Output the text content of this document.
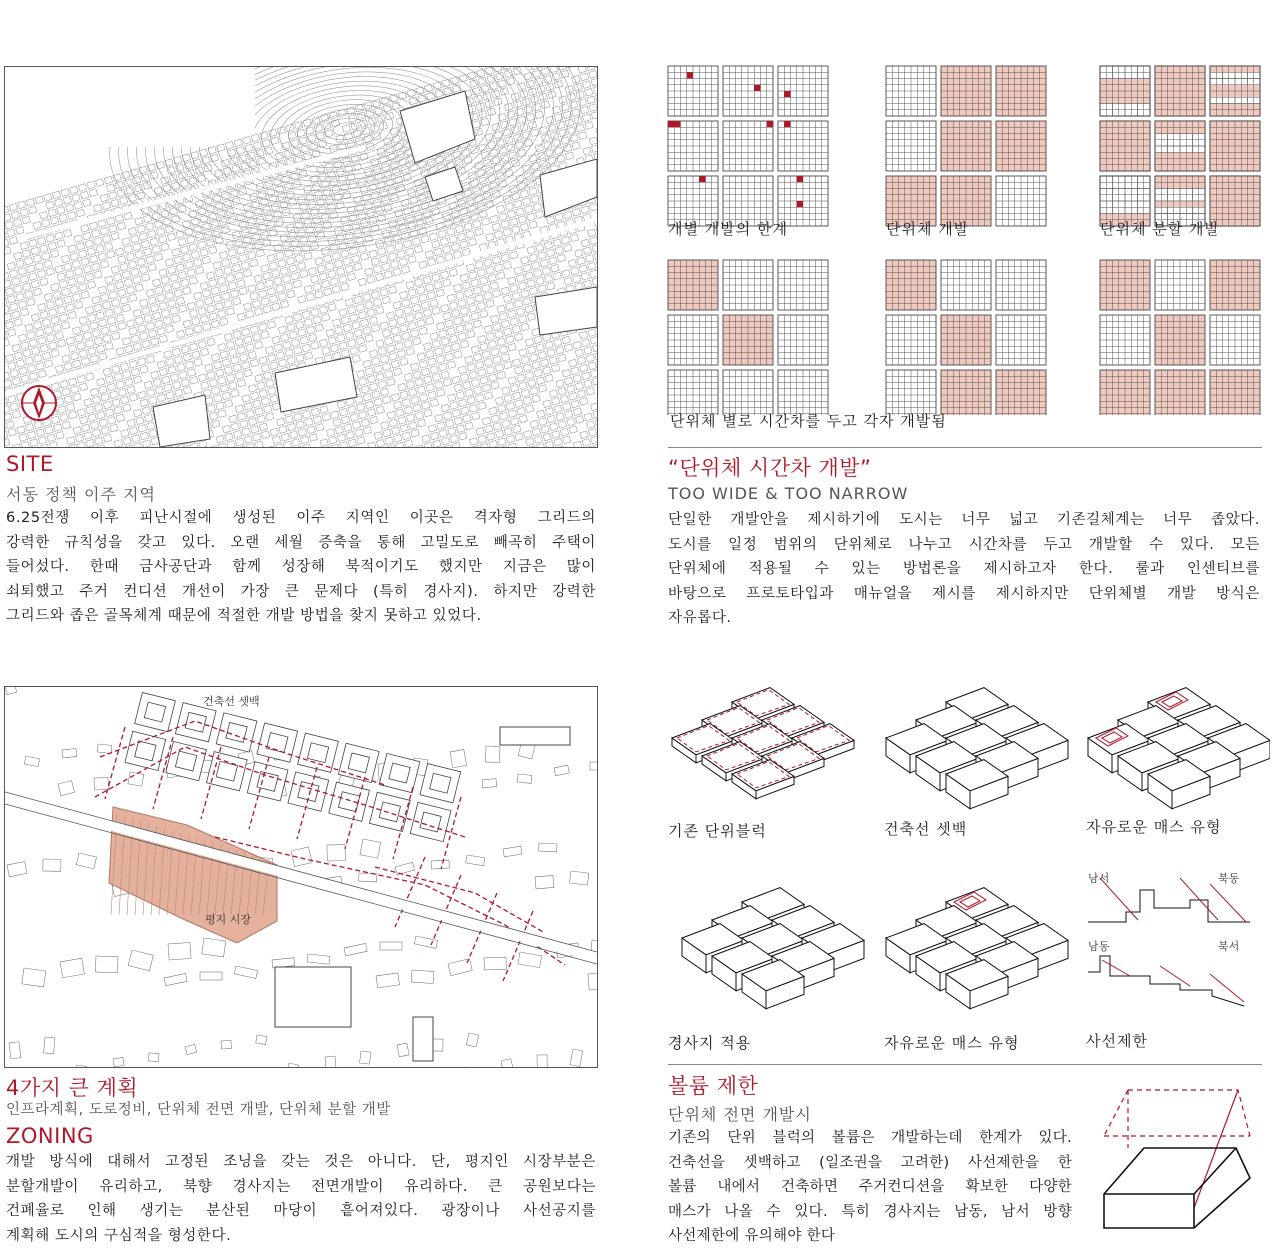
SITE
서동 정책 이주 지역
6.25전쟁 이후 피난시절에 생성된 이주 지역인 이곳은 격자형 그리드의
강력한 규칙성을 갖고 있다. 오랜 세월 증축을 통해 고밀도로 빼곡히 주택이
들어섰다. 한때 금사공단과 함께 성장해 북적이기도 했지만 지금은 많이
쇠퇴했고 주거 컨디션 개선이 가장 큰 문제다 (특히 경사지). 하지만 강력한
그리드와 좁은 골목체계 때문에 적절한 개발 방법을 찾지 못하고 있었다.
개별 개발의 한계	단위체 개발	단위체 분할 개발
단위체 별로 시간차를 두고 각자 개발됨
“단위체 시간차 개발”
TOO WIDE & TOO NARROW
단일한 개발안을 제시하기에 도시는 너무 넓고 기존길체계는 너무 좁았다.
도시를 일정 범위의 단위체로 나누고 시간차를 두고 개발할 수 있다. 모든
단위체에 적용될 수 있는 방법론을 제시하고자 한다. 룰과 인센티브를
바탕으로 프로토타입과 매뉴얼을 제시를 제시하지만 단위체별 개발 방식은
자유롭다.
건축선 셋백
평지 시장
4가지 큰 계획
인프라계획, 도로정비, 단위체 전면 개발, 단위체 분할 개발
ZONING
개발 방식에 대해서 고정된 조닝을 갖는 것은 아니다. 단, 평지인 시장부분은
분할개발이 유리하고, 북향 경사지는 전면개발이 유리하다. 큰 공원보다는
건폐율로 인해 생기는 분산된 마당이 흩어져있다. 광장이나 사선공지를
계획해 도시의 구심적을 형성한다.
기존 단위블럭	건축선 셋백	자유로운 매스 유형
경사지 적용	자유로운 매스 유형	사선제한
남서	북동
남동	북서
볼륨 제한
단위체 전면 개발시
기존의 단위 블럭의 볼륨은 개발하는데 한계가 있다.
건축선을 셋백하고 (일조권을 고려한) 사선제한을 한
볼륨 내에서 건축하면 주거컨디션을 확보한 다양한
매스가 나올 수 있다. 특히 경사지는 남동, 남서 방향
사선제한에 유의해야 한다
